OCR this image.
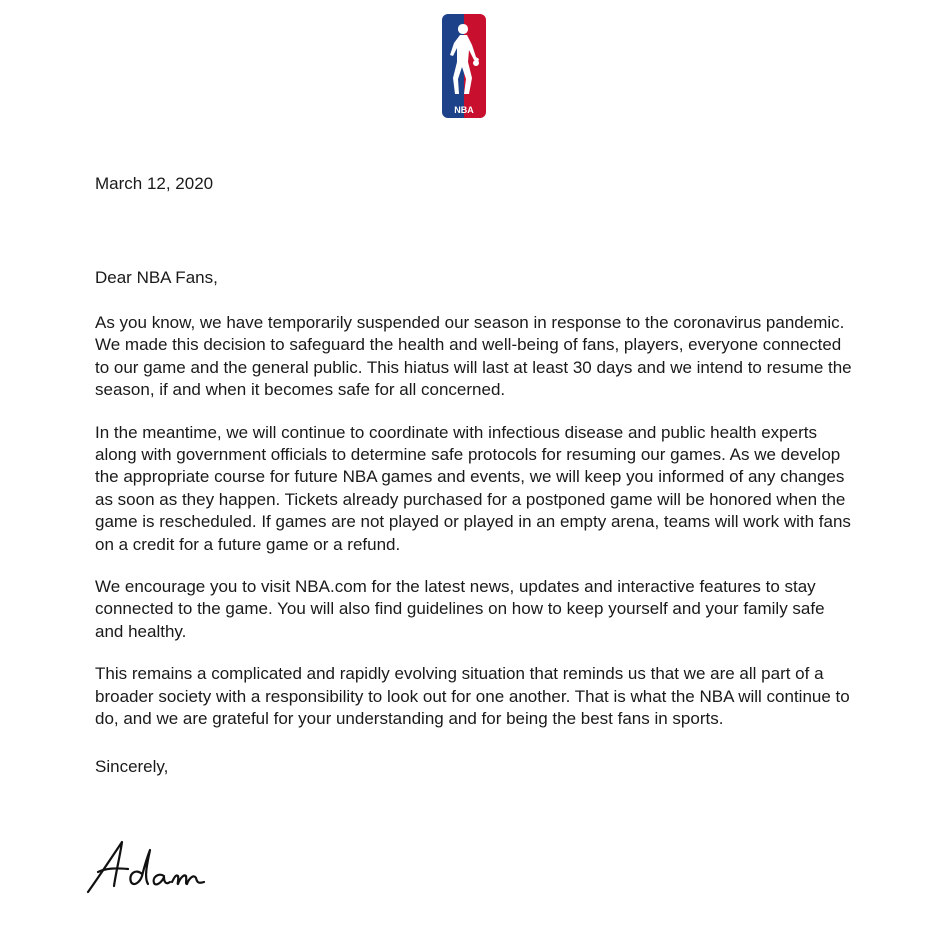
NBA

March 12, 2020

Dear NBA Fans,

As you know, we have temporarily suspended our season in response to the coronavirus pandemic. We made this decision to safeguard the health and well-being of fans, players, everyone connected to our game and the general public. This hiatus will last at least 30 days and we intend to resume the season, if and when it becomes safe for all concerned.

In the meantime, we will continue to coordinate with infectious disease and public health experts along with government officials to determine safe protocols for resuming our games. As we develop the appropriate course for future NBA games and events, we will keep you informed of any changes as soon as they happen. Tickets already purchased for a postponed game will be honored when the game is rescheduled. If games are not played or played in an empty arena, teams will work with fans on a credit for a future game or a refund.

We encourage you to visit NBA.com for the latest news, updates and interactive features to stay connected to the game. You will also find guidelines on how to keep yourself and your family safe and healthy.

This remains a complicated and rapidly evolving situation that reminds us that we are all part of a broader society with a responsibility to look out for one another. That is what the NBA will continue to do, and we are grateful for your understanding and for being the best fans in sports.

Sincerely,
